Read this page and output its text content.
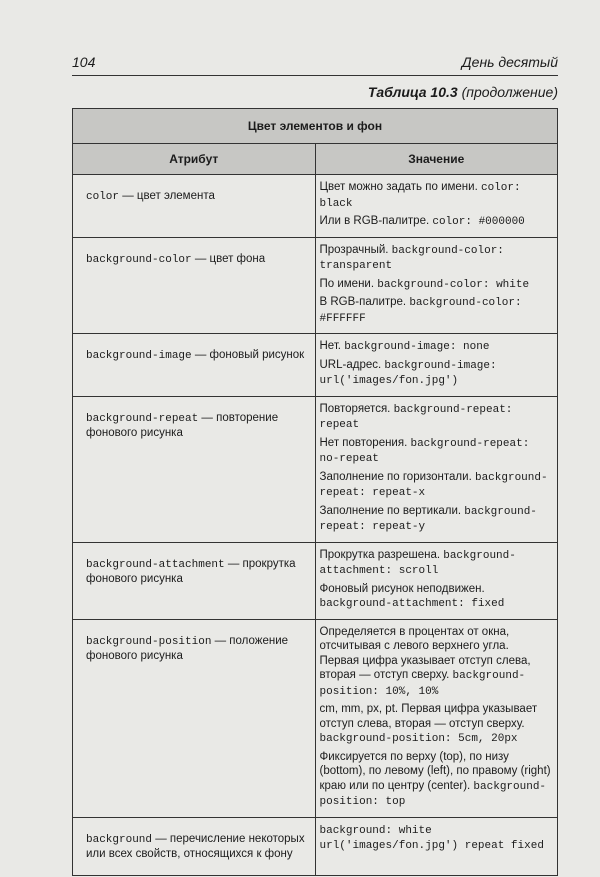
104	День десятый
Таблица 10.3 (продолжение)
Цвет элементов и фон	
Атрибут	Значение
color — цвет элемента	Цвет можно задать по имени. color: black
Или в RGB-палитре. color: #000000

background-color — цвет фона	Прозрачный. background-color: transparent
По имени. background-color: white
В RGB-палитре. background-color: #FFFFFF

background-image — фоновый рисунок	Нет. background-image: none
URL-адрес. background-image: url('images/fon.jpg')

background-repeat — повторение фонового рисунка	Повторяется. background-repeat: repeat
Нет повторения. background-repeat: no-repeat
Заполнение по горизонтали. background-repeat: repeat-x
Заполнение по вертикали. background-repeat: repeat-y

background-attachment — прокрутка фонового рисунка	Прокрутка разрешена. background-attachment: scroll
Фоновый рисунок неподвижен. background-attachment: fixed

background-position — положение фонового рисунка	Определяется в процентах от окна, отсчитывая с левого верхнего угла. Первая цифра указывает отступ слева, вторая — отступ сверху. background-position: 10%, 10%
cm, mm, px, pt. Первая цифра указывает отступ слева, вторая — отступ сверху. background-position: 5cm, 20px
Фиксируется по верху (top), по низу (bottom), по левому (left), по правому (right) краю или по центру (center). background-position: top

background — перечисление некоторых или всех свойств, относящихся к фону	background: white url('images/fon.jpg') repeat fixed
